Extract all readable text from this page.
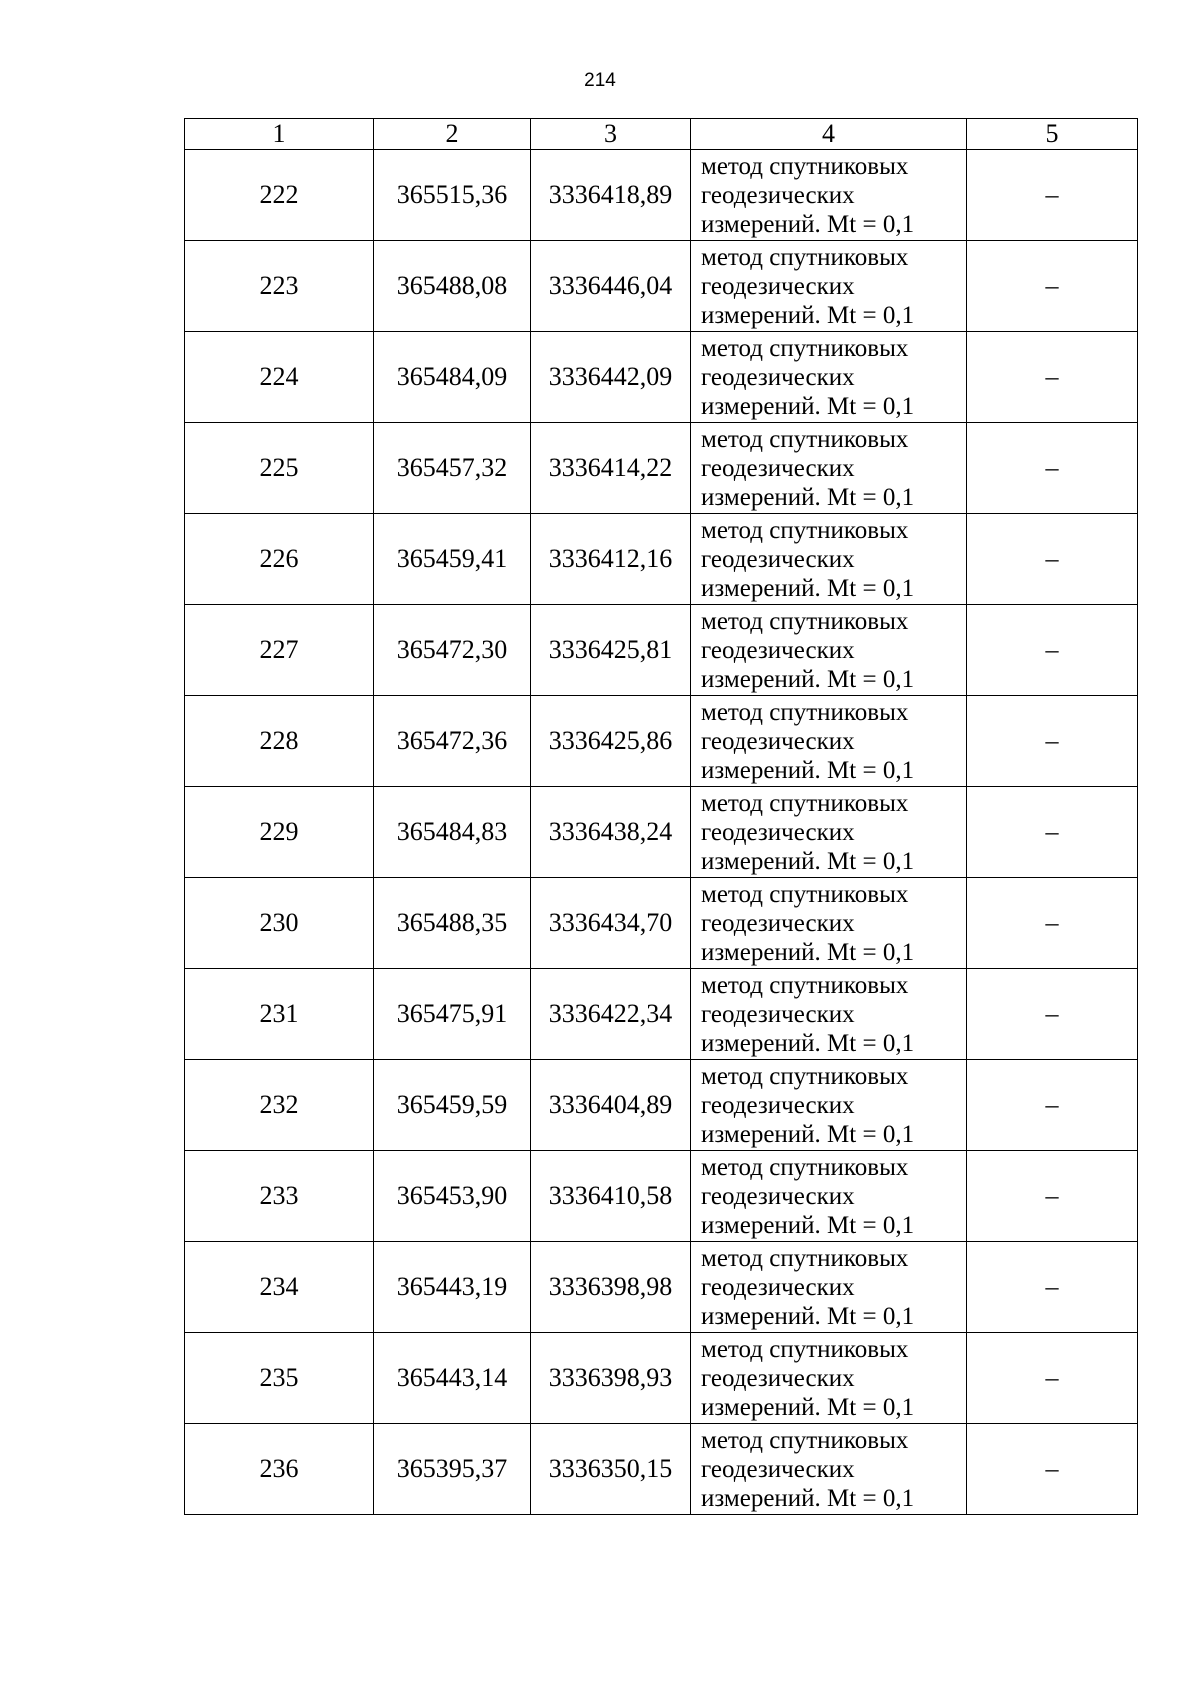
214
1	2	3	4	5
222	365515,36	3336418,89	метод спутниковых
геодезических
измерений. Mt = 0,1	–
223	365488,08	3336446,04	метод спутниковых
геодезических
измерений. Mt = 0,1	–
224	365484,09	3336442,09	метод спутниковых
геодезических
измерений. Mt = 0,1	–
225	365457,32	3336414,22	метод спутниковых
геодезических
измерений. Mt = 0,1	–
226	365459,41	3336412,16	метод спутниковых
геодезических
измерений. Mt = 0,1	–
227	365472,30	3336425,81	метод спутниковых
геодезических
измерений. Mt = 0,1	–
228	365472,36	3336425,86	метод спутниковых
геодезических
измерений. Mt = 0,1	–
229	365484,83	3336438,24	метод спутниковых
геодезических
измерений. Mt = 0,1	–
230	365488,35	3336434,70	метод спутниковых
геодезических
измерений. Mt = 0,1	–
231	365475,91	3336422,34	метод спутниковых
геодезических
измерений. Mt = 0,1	–
232	365459,59	3336404,89	метод спутниковых
геодезических
измерений. Mt = 0,1	–
233	365453,90	3336410,58	метод спутниковых
геодезических
измерений. Mt = 0,1	–
234	365443,19	3336398,98	метод спутниковых
геодезических
измерений. Mt = 0,1	–
235	365443,14	3336398,93	метод спутниковых
геодезических
измерений. Mt = 0,1	–
236	365395,37	3336350,15	метод спутниковых
геодезических
измерений. Mt = 0,1	–
